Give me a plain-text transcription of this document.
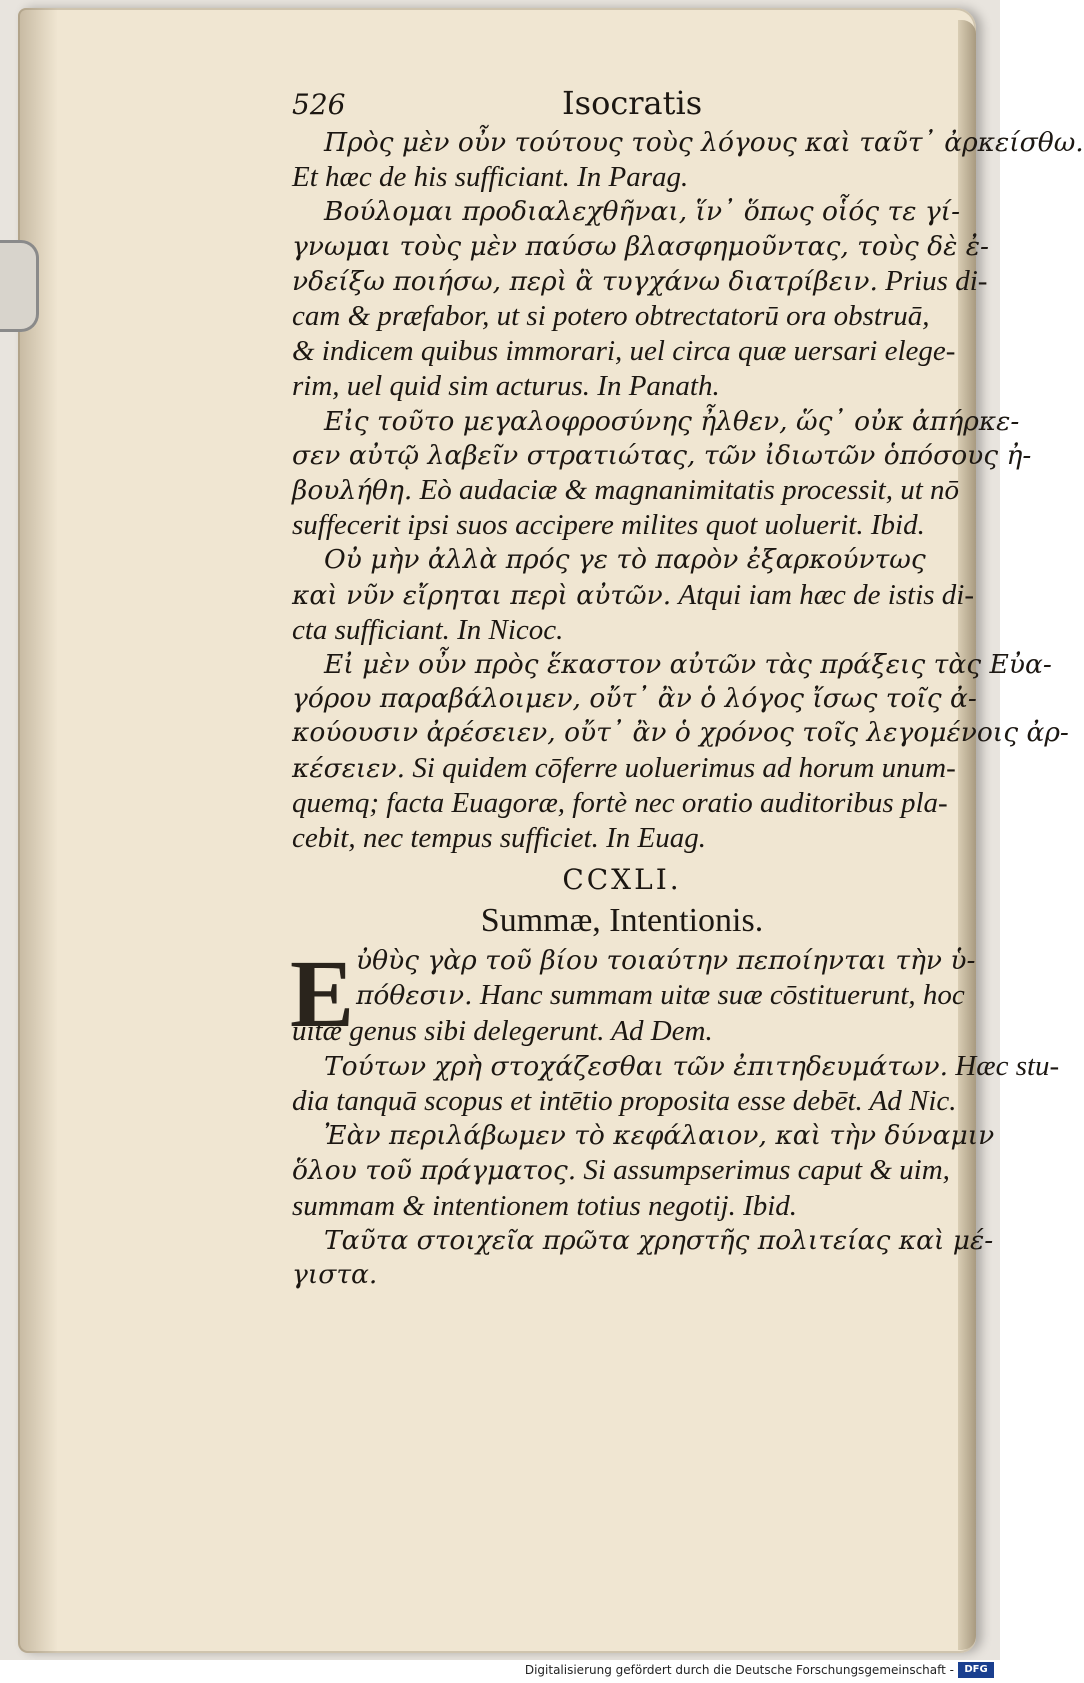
526	Isocratis
Πρὸς μὲν οὖν τούτους τοὺς λόγους καὶ ταῦτ᾽ ἀρκείσθω.
Et hæc de his sufficiant. In Parag.
Βούλομαι προδιαλεχθῆναι, ἵν᾽ ὅπως οἷός τε γί-
γνωμαι τοὺς μὲν παύσω βλασφημοῦντας, τοὺς δὲ ἐ-
νδείξω ποιήσω, περὶ ἃ τυγχάνω διατρίβειν. Prius di-
cam & præfabor, ut si potero obtrectatorū ora obstruā,
& indicem quibus immorari, uel circa quæ uersari elege-
rim, uel quid sim acturus. In Panath.
Εἰς τοῦτο μεγαλοφροσύνης ἦλθεν, ὥς᾽ οὐκ ἀπήρκε-
σεν αὐτῷ λαβεῖν στρατιώτας, τῶν ἰδιωτῶν ὁπόσους ἠ-
βουλήθη. Eò audaciæ & magnanimitatis processit, ut nō
suffecerit ipsi suos accipere milites quot uoluerit. Ibid.
Οὐ μὴν ἀλλὰ πρός γε τὸ παρὸν ἐξαρκούντως
καὶ νῦν εἴρηται περὶ αὐτῶν. Atqui iam hæc de istis di-
cta sufficiant. In Nicoc.
Εἰ μὲν οὖν πρὸς ἕκαστον αὐτῶν τὰς πράξεις τὰς Εὐα-
γόρου παραβάλοιμεν, οὔτ᾽ ἂν ὁ λόγος ἴσως τοῖς ἀ-
κούουσιν ἀρέσειεν, οὔτ᾽ ἂν ὁ χρόνος τοῖς λεγομένοις ἀρ-
κέσειεν. Si quidem cōferre uoluerimus ad horum unum-
quemq; facta Euagoræ, fortè nec oratio auditoribus pla-
cebit, nec tempus sufficiet. In Euag.
CCXLI.
Summæ, Intentionis.
E ὐθὺς γὰρ τοῦ βίου τοιαύτην πεποίηνται τὴν ὑ-
πόθεσιν. Hanc summam uitæ suæ cōstituerunt, hoc
uitæ genus sibi delegerunt. Ad Dem.
Τούτων χρὴ στοχάζεσθαι τῶν ἐπιτηδευμάτων. Hæc stu-
dia tanquā scopus et intētio proposita esse debēt. Ad Nic.
Ἐὰν περιλάβωμεν τὸ κεφάλαιον, καὶ τὴν δύναμιν
ὅλου τοῦ πράγματος. Si assumpserimus caput & uim,
summam & intentionem totius negotij. Ibid.
Ταῦτα στοιχεῖα πρῶτα χρηστῆς πολιτείας καὶ μέ-
γιστα.
Digitalisierung gefördert durch die Deutsche Forschungsgemeinschaft -	DFG
